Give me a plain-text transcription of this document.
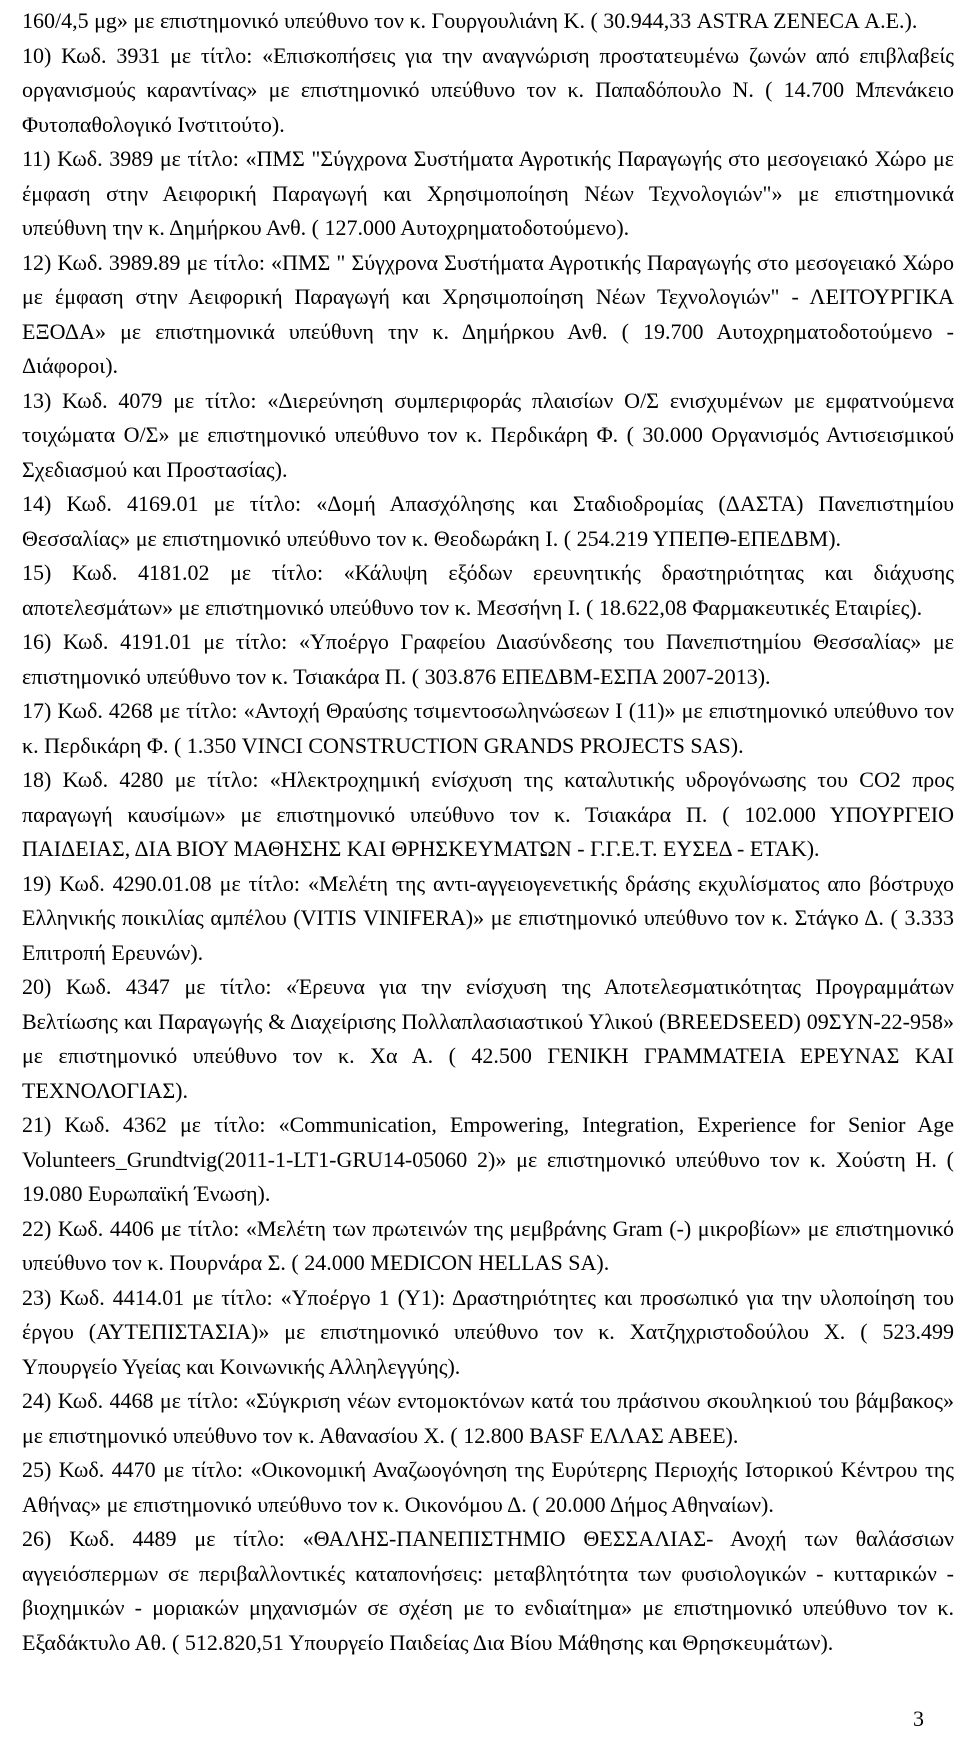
160/4,5 μg» με επιστημονικό υπεύθυνο τον κ. Γουργουλιάνη Κ. ( 30.944,33 ASTRA ZENECA Α.Ε.).

10) Κωδ. 3931 με τίτλο: «Επισκοπήσεις για την αναγνώριση προστατευμένω ζωνών από επιβλαβείς οργανισμούς καραντίνας» με επιστημονικό υπεύθυνο τον κ. Παπαδόπουλο Ν. ( 14.700 Μπενάκειο Φυτοπαθολογικό Ινστιτούτο).

11) Κωδ. 3989 με τίτλο: «ΠΜΣ "Σύγχρονα Συστήματα Αγροτικής Παραγωγής στο μεσογειακό Χώρο με έμφαση στην Αειφορική Παραγωγή και Χρησιμοποίηση Νέων Τεχνολογιών"» με επιστημονικά υπεύθυνη την κ. Δημήρκου Ανθ. ( 127.000 Αυτοχρηματοδοτούμενο).

12) Κωδ. 3989.89 με τίτλο: «ΠΜΣ " Σύγχρονα Συστήματα Αγροτικής Παραγωγής στο μεσογειακό Χώρο με έμφαση στην Αειφορική Παραγωγή και Χρησιμοποίηση Νέων Τεχνολογιών" - ΛΕΙΤΟΥΡΓΙΚΑ ΕΞΟΔΑ» με επιστημονικά υπεύθυνη την κ. Δημήρκου Ανθ. ( 19.700 Αυτοχρηματοδοτούμενο - Διάφοροι).

13) Κωδ. 4079 με τίτλο: «Διερεύνηση συμπεριφοράς πλαισίων Ο/Σ ενισχυμένων με εμφατνούμενα τοιχώματα Ο/Σ» με επιστημονικό υπεύθυνο τον κ. Περδικάρη Φ. ( 30.000 Οργανισμός Αντισεισμικού Σχεδιασμού και Προστασίας).

14) Κωδ. 4169.01 με τίτλο: «Δομή Απασχόλησης και Σταδιοδρομίας (ΔΑΣΤΑ) Πανεπιστημίου Θεσσαλίας» με επιστημονικό υπεύθυνο τον κ. Θεοδωράκη Ι. ( 254.219 ΥΠΕΠΘ-ΕΠΕΔΒΜ).

15) Κωδ. 4181.02 με τίτλο: «Κάλυψη εξόδων ερευνητικής δραστηριότητας και διάχυσης αποτελεσμάτων» με επιστημονικό υπεύθυνο τον κ. Μεσσήνη Ι. ( 18.622,08 Φαρμακευτικές Εταιρίες).

16) Κωδ. 4191.01 με τίτλο: «Υποέργο Γραφείου Διασύνδεσης του Πανεπιστημίου Θεσσαλίας» με επιστημονικό υπεύθυνο τον κ. Τσιακάρα Π. ( 303.876 ΕΠΕΔΒΜ-ΕΣΠΑ 2007-2013).

17) Κωδ. 4268 με τίτλο: «Αντοχή Θραύσης τσιμεντοσωληνώσεων Ι (11)» με επιστημονικό υπεύθυνο τον κ. Περδικάρη Φ. ( 1.350 VINCI CONSTRUCTION GRANDS PROJECTS SAS).

18) Κωδ. 4280 με τίτλο: «Ηλεκτροχημική ενίσχυση της καταλυτικής υδρογόνωσης του CO2 προς παραγωγή καυσίμων» με επιστημονικό υπεύθυνο τον κ. Τσιακάρα Π. ( 102.000 ΥΠΟΥΡΓΕΙΟ ΠΑΙΔΕΙΑΣ, ΔΙΑ ΒΙΟΥ ΜΑΘΗΣΗΣ ΚΑΙ ΘΡΗΣΚΕΥΜΑΤΩΝ - Γ.Γ.Ε.Τ. ΕΥΣΕΔ - ΕΤΑΚ).

19) Κωδ. 4290.01.08 με τίτλο: «Μελέτη της αντι-αγγειογενετικής δράσης εκχυλίσματος απο βόστρυχο Ελληνικής ποικιλίας αμπέλου (VITIS VINIFERA)» με επιστημονικό υπεύθυνο τον κ. Στάγκο Δ. ( 3.333 Επιτροπή Ερευνών).

20) Κωδ. 4347 με τίτλο: «Έρευνα για την ενίσχυση της Αποτελεσματικότητας Προγραμμάτων Βελτίωσης και Παραγωγής & Διαχείρισης Πολλαπλασιαστικού Υλικού (BREEDSEED) 09ΣΥΝ-22-958» με επιστημονικό υπεύθυνο τον κ. Χα Α. ( 42.500 ΓΕΝΙΚΗ ΓΡΑΜΜΑΤΕΙΑ ΕΡΕΥΝΑΣ ΚΑΙ ΤΕΧΝΟΛΟΓΙΑΣ).

21) Κωδ. 4362 με τίτλο: «Communication, Empowering, Integration, Experience for Senior Age Volunteers_Grundtvig(2011-1-LT1-GRU14-05060 2)» με επιστημονικό υπεύθυνο τον κ. Χούστη Η. ( 19.080 Ευρωπαϊκή Ένωση).

22) Κωδ. 4406 με τίτλο: «Μελέτη των πρωτεινών της μεμβράνης Gram (-) μικροβίων» με επιστημονικό υπεύθυνο τον κ. Πουρνάρα Σ. ( 24.000 MEDICON HELLAS SA).

23) Κωδ. 4414.01 με τίτλο: «Υποέργο 1 (Υ1): Δραστηριότητες και προσωπικό για την υλοποίηση του έργου (ΑΥΤΕΠΙΣΤΑΣΙΑ)» με επιστημονικό υπεύθυνο τον κ. Χατζηχριστοδούλου Χ. ( 523.499 Υπουργείο Υγείας και Κοινωνικής Αλληλεγγύης).

24) Κωδ. 4468 με τίτλο: «Σύγκριση νέων εντομοκτόνων κατά του πράσινου σκουληκιού του βάμβακος» με επιστημονικό υπεύθυνο τον κ. Αθανασίου Χ. ( 12.800 BASF ΕΛΛΑΣ ΑΒΕΕ).

25) Κωδ. 4470 με τίτλο: «Οικονομική Αναζωογόνηση της Ευρύτερης Περιοχής Ιστορικού Κέντρου της Αθήνας» με επιστημονικό υπεύθυνο τον κ. Οικονόμου Δ. ( 20.000 Δήμος Αθηναίων).

26) Κωδ. 4489 με τίτλο: «ΘΑΛΗΣ-ΠΑΝΕΠΙΣΤΗΜΙΟ ΘΕΣΣΑΛΙΑΣ- Ανοχή των θαλάσσιων αγγειόσπερμων σε περιβαλλοντικές καταπονήσεις: μεταβλητότητα των φυσιολογικών - κυτταρικών - βιοχημικών - μοριακών μηχανισμών σε σχέση με το ενδιαίτημα» με επιστημονικό υπεύθυνο τον κ. Εξαδάκτυλο Αθ. ( 512.820,51 Υπουργείο Παιδείας Δια Βίου Μάθησης και Θρησκευμάτων).

3
